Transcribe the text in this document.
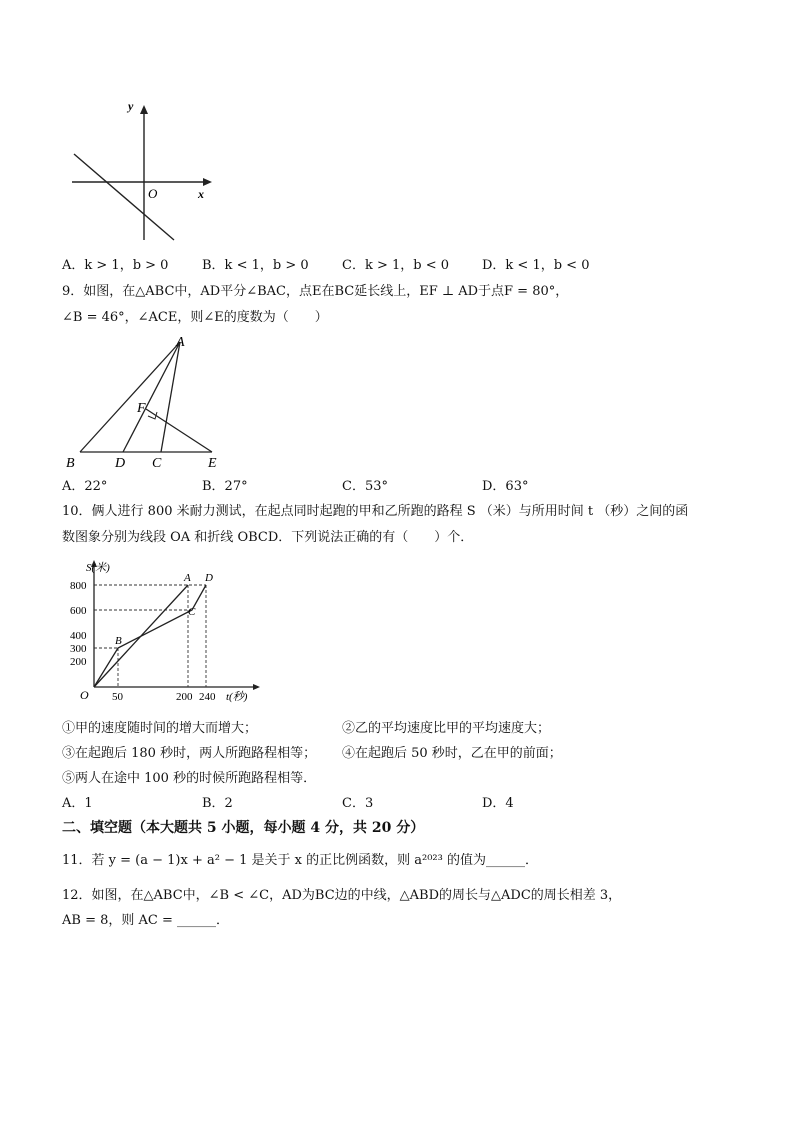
y
x
O
A．k > 1，b > 0	B．k < 1，b > 0	C．k > 1，b < 0	D．k < 1，b < 0
9．如图，在△ABC中，AD平分∠BAC，点E在BC延长线上，EF ⊥ AD于点F = 80°，
∠B = 46°，∠ACE，则∠E的度数为（　　）
A
F
B	D C	E
A．22°	B．27°	C．53°	D．63°
10．俩人进行 800 米耐力测试，在起点同时起跑的甲和乙所跑的路程 S （米）与所用时间 t （秒）之间的函
数图象分别为线段 OA 和折线 OBCD．下列说法正确的有（　　）个．
S(米)
800
600
400
300
200
O 50	200 240 t(秒)
A D
B
C
①甲的速度随时间的增大而增大；	②乙的平均速度比甲的平均速度大；
③在起跑后 180 秒时，两人所跑路程相等； ④在起跑后 50 秒时，乙在甲的前面；
⑤两人在途中 100 秒的时候所跑路程相等．
A．1	B．2	C．3	D．4
二、填空题（本大题共 5 小题，每小题 4 分，共 20 分）
11．若 y = (a − 1)x + a² − 1 是关于 x 的正比例函数，则 a²⁰²³ 的值为______．
12．如图，在△ABC中，∠B < ∠C，AD为BC边的中线，△ABD的周长与△ADC的周长相差 3，
AB = 8，则 AC = ______．
